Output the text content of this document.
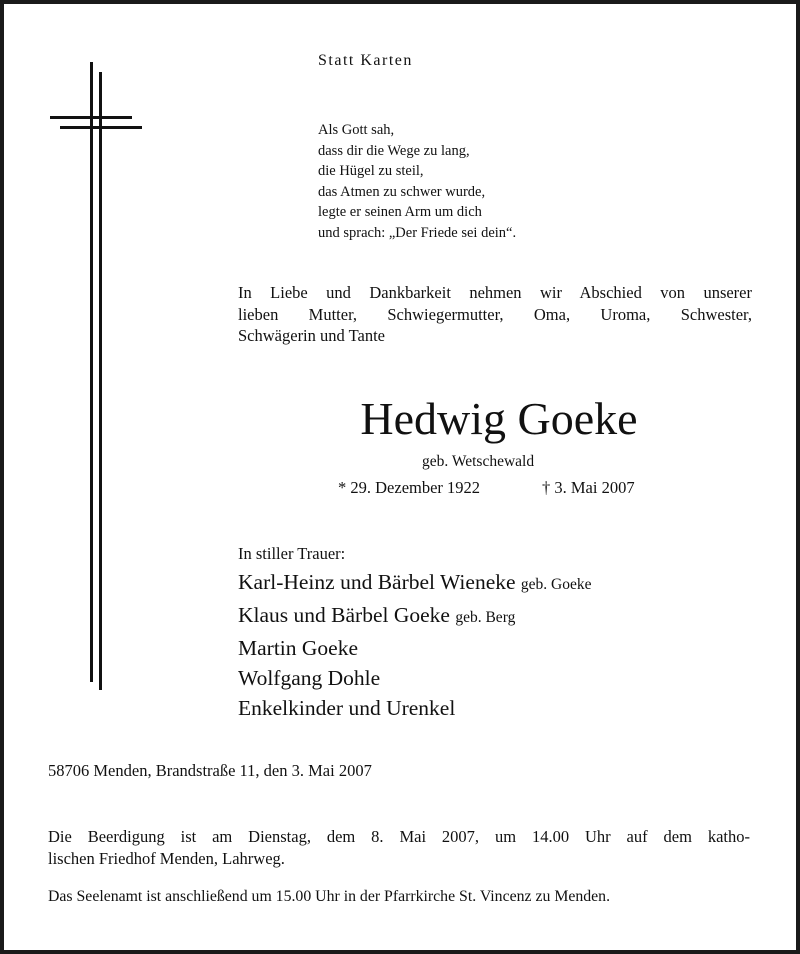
Statt Karten
Als Gott sah,
dass dir die Wege zu lang,
die Hügel zu steil,
das Atmen zu schwer wurde,
legte er seinen Arm um dich
und sprach: „Der Friede sei dein“.
In Liebe und Dankbarkeit nehmen wir Abschied von unserer
lieben Mutter, Schwiegermutter, Oma, Uroma, Schwester,
Schwägerin und Tante
Hedwig Goeke
geb. Wetschewald
* 29. Dezember 1922	† 3. Mai 2007
In stiller Trauer:
Karl-Heinz und Bärbel Wieneke geb. Goeke
Klaus und Bärbel Goeke geb. Berg
Martin Goeke
Wolfgang Dohle
Enkelkinder und Urenkel
58706 Menden, Brandstraße 11, den 3. Mai 2007
Die Beerdigung ist am Dienstag, dem 8. Mai 2007, um 14.00 Uhr auf dem katho-
lischen Friedhof Menden, Lahrweg.
Das Seelenamt ist anschließend um 15.00 Uhr in der Pfarrkirche St. Vincenz zu Menden.
